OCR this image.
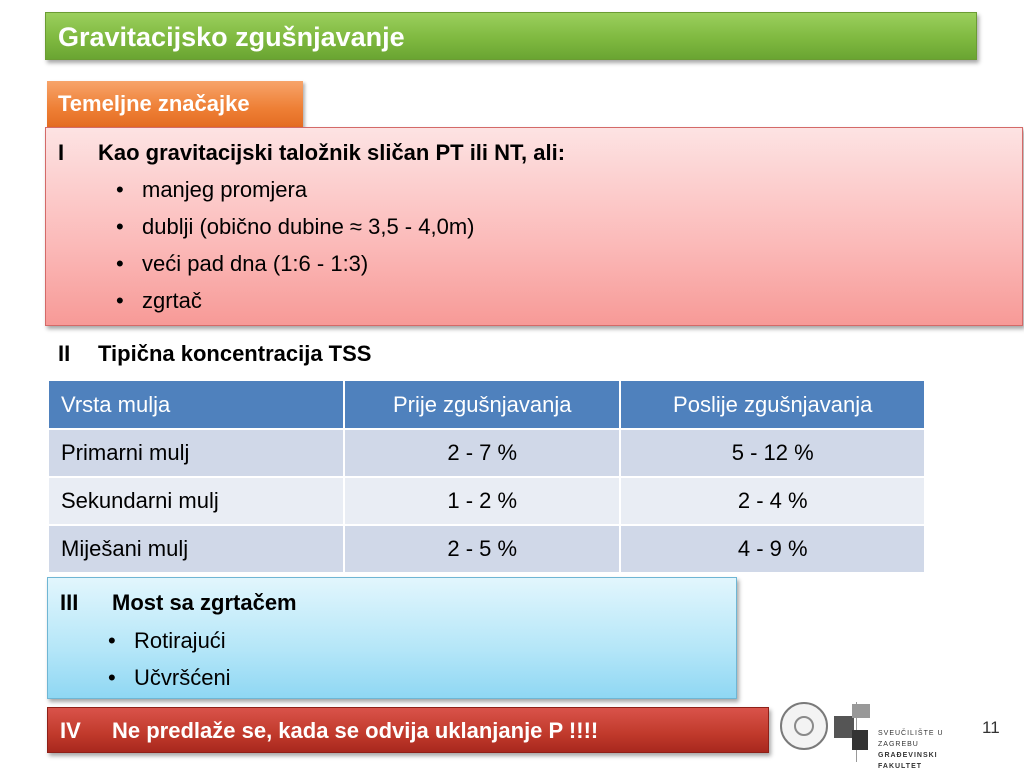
Gravitacijsko zgušnjavanje
Temeljne značajke
I Kao gravitacijski taložnik sličan PT ili NT, ali:
• manjeg promjera
• dublji (obično dubine ≈ 3,5 - 4,0m)
• veći pad dna (1:6 - 1:3)
• zgrtač
II Tipična koncentracija TSS
Vrsta mulja	Prije zgušnjavanja	Poslije zgušnjavanja
Primarni mulj	2 - 7 %	5 - 12 %
Sekundarni mulj	1 - 2 %	2 - 4 %
Miješani mulj	2 - 5 %	4 - 9 %
III Most sa zgrtačem
• Rotirajući
• Učvršćeni
IV Ne predlaže se, kada se odvija uklanjanje P !!!!	SVEUČILIŠTE U ZAGREBU
GRAĐEVINSKI FAKULTET
11
